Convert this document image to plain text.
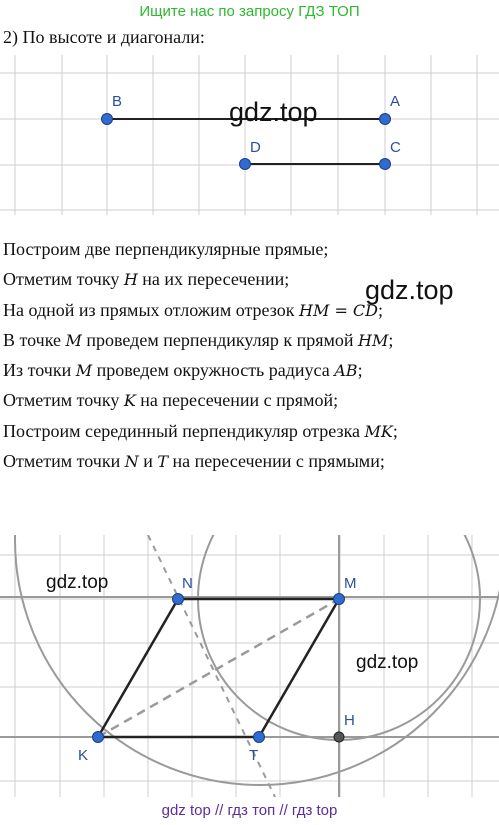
Ищите нас по запросу ГДЗ ТОП
2) По высоте и диагонали:
B	A
D	C
gdz.top
Построим две перпендикулярные прямые;
Отметим точку H на их пересечении;
На одной из прямых отложим отрезок HM = CD;
В точке M проведем перпендикуляр к прямой HM;
Из точки M проведем окружность радиуса AB;
Отметим точку K на пересечении с прямой;
Построим серединный перпендикуляр отрезка MK;
Отметим точки N и T на пересечении с прямыми;
gdz.top
N	M
K	T
H
gdz.top
gdz.top
gdz top // гдз топ // гдз top
